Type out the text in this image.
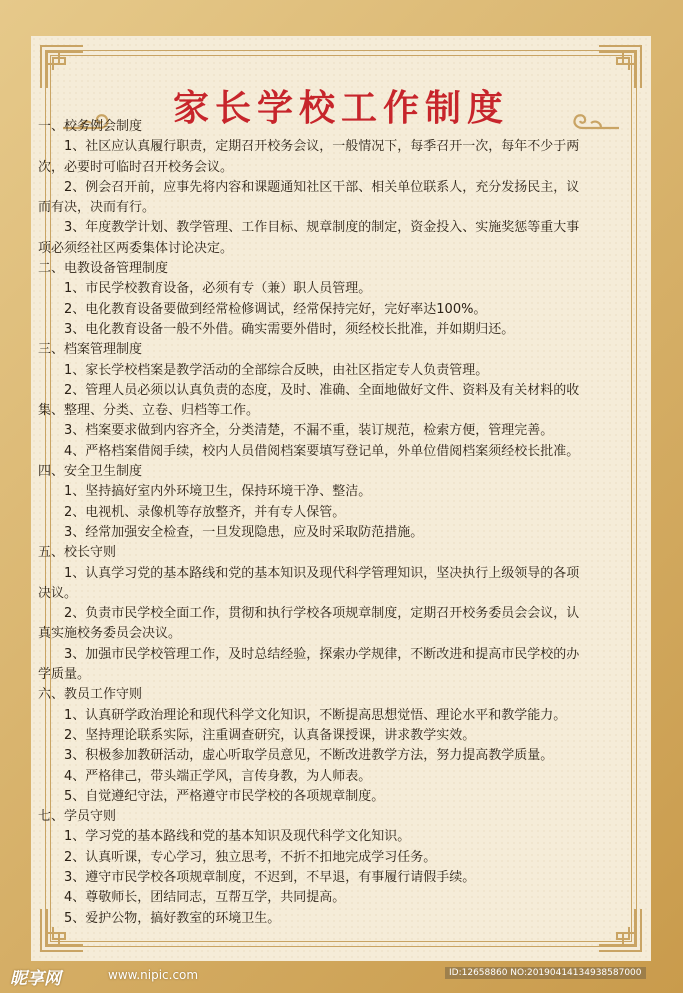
家长学校工作制度

一、校务例会制度

1、社区应认真履行职责，定期召开校务会议，一般情况下，每季召开一次，每年不少于两次，必要时可临时召开校务会议。

2、例会召开前，应事先将内容和课题通知社区干部、相关单位联系人，充分发扬民主，议而有决，决而有行。

3、年度教学计划、教学管理、工作目标、规章制度的制定，资金投入、实施奖惩等重大事项必须经社区两委集体讨论决定。

二、电教设备管理制度

1、市民学校教育设备，必须有专（兼）职人员管理。

2、电化教育设备要做到经常检修调试，经常保持完好，完好率达100%。

3、电化教育设备一般不外借。确实需要外借时，须经校长批准，并如期归还。

三、档案管理制度

1、家长学校档案是教学活动的全部综合反映，由社区指定专人负责管理。

2、管理人员必须以认真负责的态度，及时、准确、全面地做好文件、资料及有关材料的收集、整理、分类、立卷、归档等工作。

3、档案要求做到内容齐全，分类清楚，不漏不重，装订规范，检索方便，管理完善。

4、严格档案借阅手续，校内人员借阅档案要填写登记单，外单位借阅档案须经校长批准。

四、安全卫生制度

1、坚持搞好室内外环境卫生，保持环境干净、整洁。

2、电视机、录像机等存放整齐，并有专人保管。

3、经常加强安全检查，一旦发现隐患，应及时采取防范措施。

五、校长守则

1、认真学习党的基本路线和党的基本知识及现代科学管理知识，坚决执行上级领导的各项决议。

2、负责市民学校全面工作，贯彻和执行学校各项规章制度，定期召开校务委员会会议，认真实施校务委员会决议。

3、加强市民学校管理工作，及时总结经验，探索办学规律，不断改进和提高市民学校的办学质量。

六、教员工作守则

1、认真研学政治理论和现代科学文化知识，不断提高思想觉悟、理论水平和教学能力。

2、坚持理论联系实际，注重调查研究，认真备课授课，讲求教学实效。

3、积极参加教研活动，虚心听取学员意见，不断改进教学方法，努力提高教学质量。

4、严格律己，带头端正学风，言传身教，为人师表。

5、自觉遵纪守法，严格遵守市民学校的各项规章制度。

七、学员守则

1、学习党的基本路线和党的基本知识及现代科学文化知识。

2、认真听课，专心学习，独立思考，不折不扣地完成学习任务。

3、遵守市民学校各项规章制度，不迟到，不早退，有事履行请假手续。

4、尊敬师长，团结同志，互帮互学，共同提高。

5、爱护公物，搞好教室的环境卫生。

昵享网	www.nipic.com	ID:12658860 NO:20190414134938587000
